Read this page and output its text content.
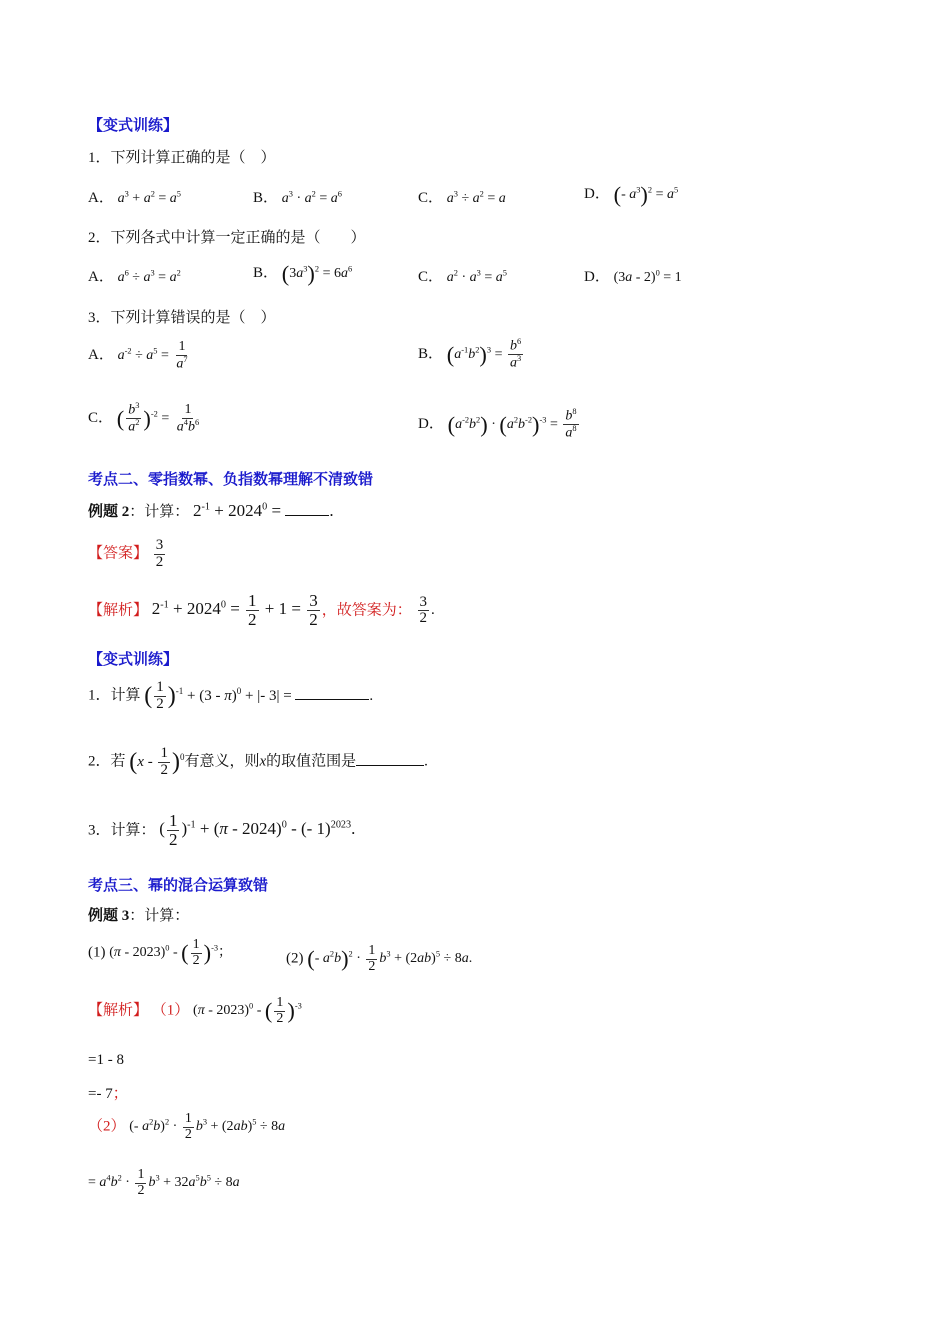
【变式训练】
1．下列计算正确的是（　）
A． $a^3 + a^2 = a^5$	B． $a^3 \cdot a^2 = a^6$	C． $a^3 \div a^2 = a$	D． (- $a^3)^2 = a^5$
2．下列各式中计算一定正确的是（　　）
A． $a^6 \div a^3 = a^2$	B． $(3a^3)^2 = 6a^6$	C． $a^2 \cdot a^3 = a^5$	D． (3a - 2)$^0$ = 1
3．下列计算错误的是（　）
A． $a^{-2} \div a^5 = \frac{1}{a^7}$	B． $(a^{-1}b^2)^3 = \frac{b^6}{a^3}$
C． ( $\frac{b^3}{a^2} )^{-2} = \frac{1}{a^4b^6}$	D． $(a^{-2}b^2) \cdot (a^2b^{-2})^{-3} = \frac{b^8}{a^8}$
考点二、零指数幂、负指数幂理解不清致错
例题 2：计算： $2^{-1} + 2024^0$ =	.
【答案】 $\frac{3}{2}$
【解析】 $2^{-1} + 2024^0 = \frac{1}{2} + 1 = \frac{3}{2}$ ，故答案为： $\frac{3}{2}$ .
【变式训练】
1．计算 ( $\frac{1}{2} )^{-1} + (3 - \pi)^0$ + |- 3| =	.
2．若 $(x - \frac{1}{2} )^0$有意义，则x的取值范围是	.
3．计算： ( $\frac{1}{2} )^{-1} + (\pi - 2024)^0$ - (- 1)$^{2023}$.
考点三、幂的混合运算致错
例题 3：计算：
(1) (π - 2023)$^0$ - ( $\frac{1}{2} )^{-3}$；	(2) (- $a^2b)^2 \cdot \frac{1}{2} b^3 + (2ab)^5 \div 8a$.
【解析】 （1） (π - 2023)$^0$ - ( $\frac{1}{2} )^{-3}$
=1 - 8
=- 7；
（2） (- $a^2b)^2 \cdot \frac{1}{2} b^3 + (2ab)^5 \div 8a$
= $a^4b^2 \cdot \frac{1}{2} b^3 + 32a^5b^5 \div 8a$
